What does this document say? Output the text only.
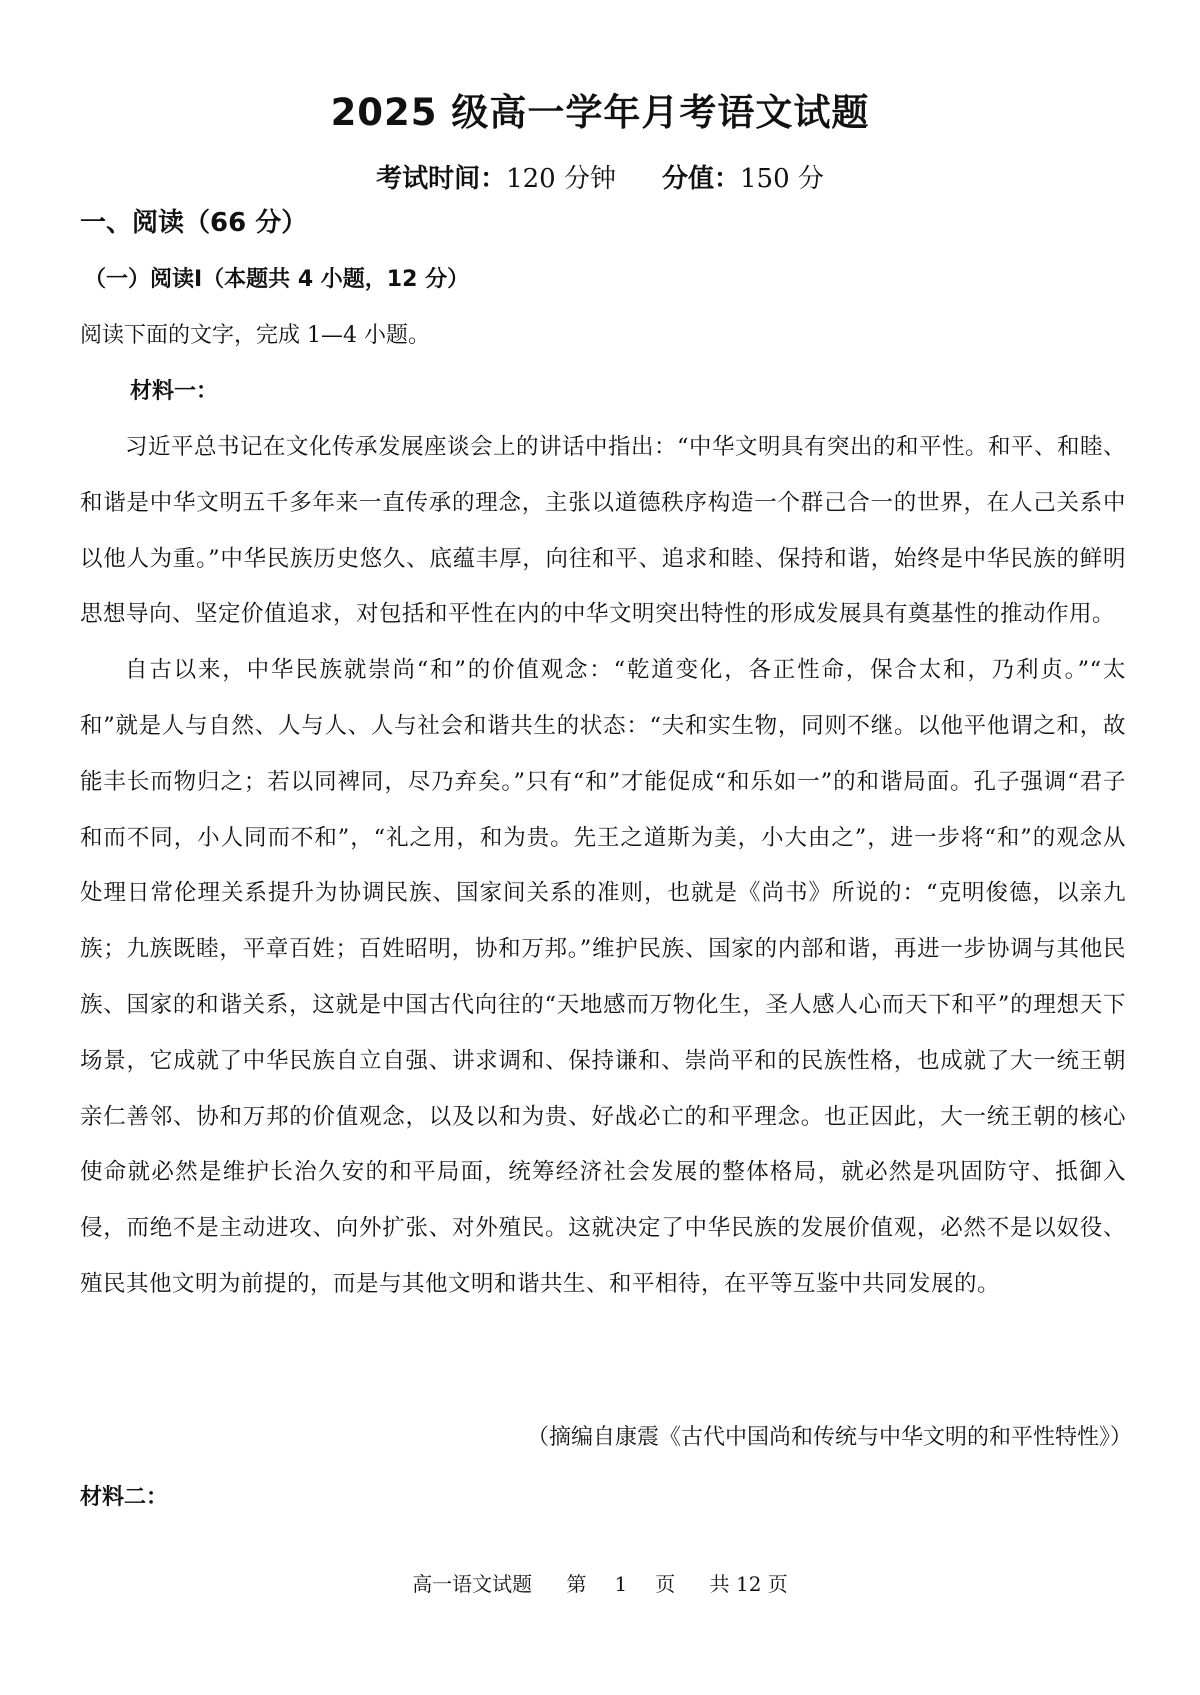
2025 级高一学年月考语文试题
考试时间：120 分钟 分值：150 分
一、阅读（66 分）
（一）阅读Ⅰ（本题共 4 小题，12 分）
阅读下面的文字，完成 1—4 小题。
材料一：

习近平总书记在文化传承发展座谈会上的讲话中指出：“中华文明具有突出的和平性。和平、和睦、和谐是中华文明五千多年来一直传承的理念，主张以道德秩序构造一个群己合一的世界，在人己关系中以他人为重。”中华民族历史悠久、底蕴丰厚，向往和平、追求和睦、保持和谐，始终是中华民族的鲜明思想导向、坚定价值追求，对包括和平性在内的中华文明突出特性的形成发展具有奠基性的推动作用。

自古以来，中华民族就崇尚“和”的价值观念：“乾道变化，各正性命，保合太和，乃利贞。”“太和”就是人与自然、人与人、人与社会和谐共生的状态：“夫和实生物，同则不继。以他平他谓之和，故能丰长而物归之；若以同裨同，尽乃弃矣。”只有“和”才能促成“和乐如一”的和谐局面。孔子强调“君子和而不同，小人同而不和”，“礼之用，和为贵。先王之道斯为美，小大由之”，进一步将“和”的观念从处理日常伦理关系提升为协调民族、国家间关系的准则，也就是《尚书》所说的：“克明俊德，以亲九族；九族既睦，平章百姓；百姓昭明，协和万邦。”维护民族、国家的内部和谐，再进一步协调与其他民族、国家的和谐关系，这就是中国古代向往的“天地感而万物化生，圣人感人心而天下和平”的理想天下场景，它成就了中华民族自立自强、讲求调和、保持谦和、崇尚平和的民族性格，也成就了大一统王朝亲仁善邻、协和万邦的价值观念，以及以和为贵、好战必亡的和平理念。也正因此，大一统王朝的核心使命就必然是维护长治久安的和平局面，统筹经济社会发展的整体格局，就必然是巩固防守、抵御入侵，而绝不是主动进攻、向外扩张、对外殖民。这就决定了中华民族的发展价值观，必然不是以奴役、殖民其他文明为前提的，而是与其他文明和谐共生、和平相待，在平等互鉴中共同发展的。

（摘编自康震《古代中国尚和传统与中华文明的和平性特性》）
材料二：
高一语文试题 第 1 页 共 12 页
